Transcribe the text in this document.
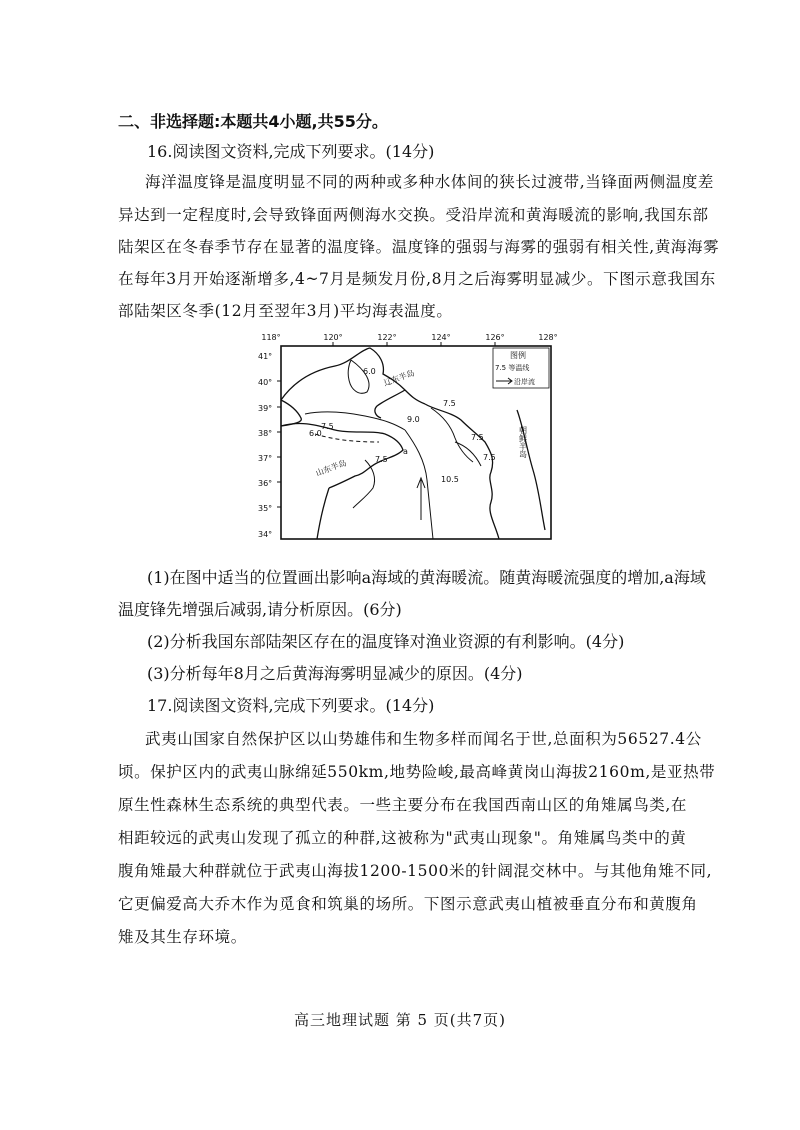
二、非选择题:本题共4小题,共55分。
16.阅读图文资料,完成下列要求。(14分)
海洋温度锋是温度明显不同的两种或多种水体间的狭长过渡带,当锋面两侧温度差
异达到一定程度时,会导致锋面两侧海水交换。受沿岸流和黄海暖流的影响,我国东部
陆架区在冬春季节存在显著的温度锋。温度锋的强弱与海雾的强弱有相关性,黄海海雾
在每年3月开始逐渐增多,4~7月是频发月份,8月之后海雾明显减少。下图示意我国东
部陆架区冬季(12月至翌年3月)平均海表温度。
118°	120°	122°	124°	126°	128°
41°
40°
39°
38°
37°
36°
35°
34°
6.0
7.5
7.5
9.0
7.5
7.5
7.5
10.5
6.0
辽东半岛
山东半岛
a	朝鲜半岛
图例
7.5 等温线
沿岸流
(1)在图中适当的位置画出影响a海域的黄海暖流。随黄海暖流强度的增加,a海域
温度锋先增强后减弱,请分析原因。(6分)
(2)分析我国东部陆架区存在的温度锋对渔业资源的有利影响。(4分)
(3)分析每年8月之后黄海海雾明显减少的原因。(4分)
17.阅读图文资料,完成下列要求。(14分)
武夷山国家自然保护区以山势雄伟和生物多样而闻名于世,总面积为56527.4公
顷。保护区内的武夷山脉绵延550km,地势险峻,最高峰黄岗山海拔2160m,是亚热带
原生性森林生态系统的典型代表。一些主要分布在我国西南山区的角雉属鸟类,在
相距较远的武夷山发现了孤立的种群,这被称为"武夷山现象"。角雉属鸟类中的黄
腹角雉最大种群就位于武夷山海拔1200-1500米的针阔混交林中。与其他角雉不同,
它更偏爱高大乔木作为觅食和筑巢的场所。下图示意武夷山植被垂直分布和黄腹角
雉及其生存环境。
高三地理试题 第 5 页(共7页)
